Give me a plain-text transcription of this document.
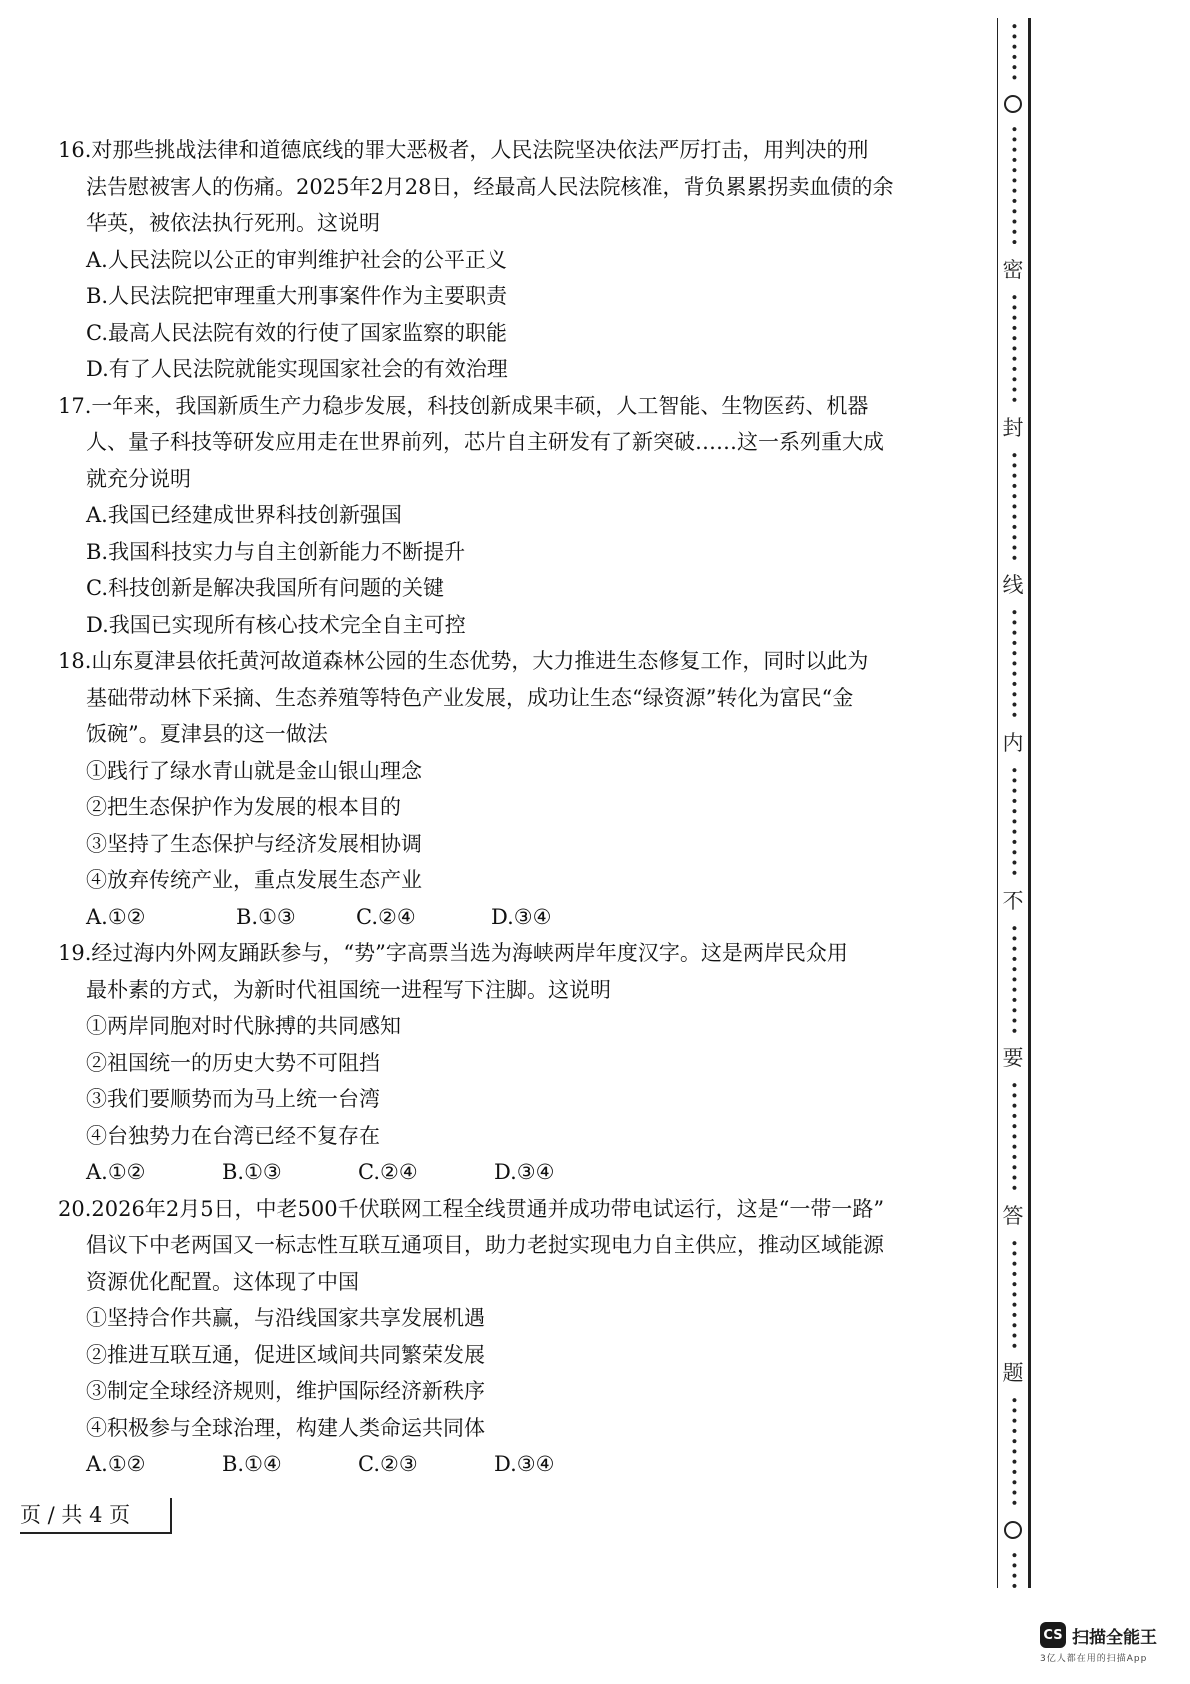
16.对那些挑战法律和道德底线的罪大恶极者，人民法院坚决依法严厉打击，用判决的刑
法告慰被害人的伤痛。2025年2月28日，经最高人民法院核准，背负累累拐卖血债的余
华英，被依法执行死刑。这说明
A.人民法院以公正的审判维护社会的公平正义
B.人民法院把审理重大刑事案件作为主要职责
C.最高人民法院有效的行使了国家监察的职能
D.有了人民法院就能实现国家社会的有效治理
17.一年来，我国新质生产力稳步发展，科技创新成果丰硕，人工智能、生物医药、机器
人、量子科技等研发应用走在世界前列，芯片自主研发有了新突破……这一系列重大成
就充分说明
A.我国已经建成世界科技创新强国
B.我国科技实力与自主创新能力不断提升
C.科技创新是解决我国所有问题的关键
D.我国已实现所有核心技术完全自主可控
18.山东夏津县依托黄河故道森林公园的生态优势，大力推进生态修复工作，同时以此为
基础带动林下采摘、生态养殖等特色产业发展，成功让生态“绿资源”转化为富民“金
饭碗”。夏津县的这一做法
①践行了绿水青山就是金山银山理念
②把生态保护作为发展的根本目的
③坚持了生态保护与经济发展相协调
④放弃传统产业，重点发展生态产业
A.①②	B.①③	C.②④	D.③④
19.经过海内外网友踊跃参与，“势”字高票当选为海峡两岸年度汉字。这是两岸民众用
最朴素的方式，为新时代祖国统一进程写下注脚。这说明
①两岸同胞对时代脉搏的共同感知
②祖国统一的历史大势不可阻挡
③我们要顺势而为马上统一台湾
④台独势力在台湾已经不复存在
A.①②	B.①③	C.②④	D.③④
20.2026年2月5日，中老500千伏联网工程全线贯通并成功带电试运行，这是“一带一路”
倡议下中老两国又一标志性互联互通项目，助力老挝实现电力自主供应，推动区域能源
资源优化配置。这体现了中国
①坚持合作共赢，与沿线国家共享发展机遇
②推进互联互通，促进区域间共同繁荣发展
③制定全球经济规则，维护国际经济新秩序
④积极参与全球治理，构建人类命运共同体
A.①②	B.①④	C.②③	D.③④
••••••
••••••••••••
密
•••••••••••
封
•••••••••••
线
•••••••••••
内
•••••••••••
不
•••••••••••
要
•••••••••••
答
•••••••••••
题
•••••••••••
••••
页 / 共 4 页
CS 扫描全能王
3亿人都在用的扫描App
